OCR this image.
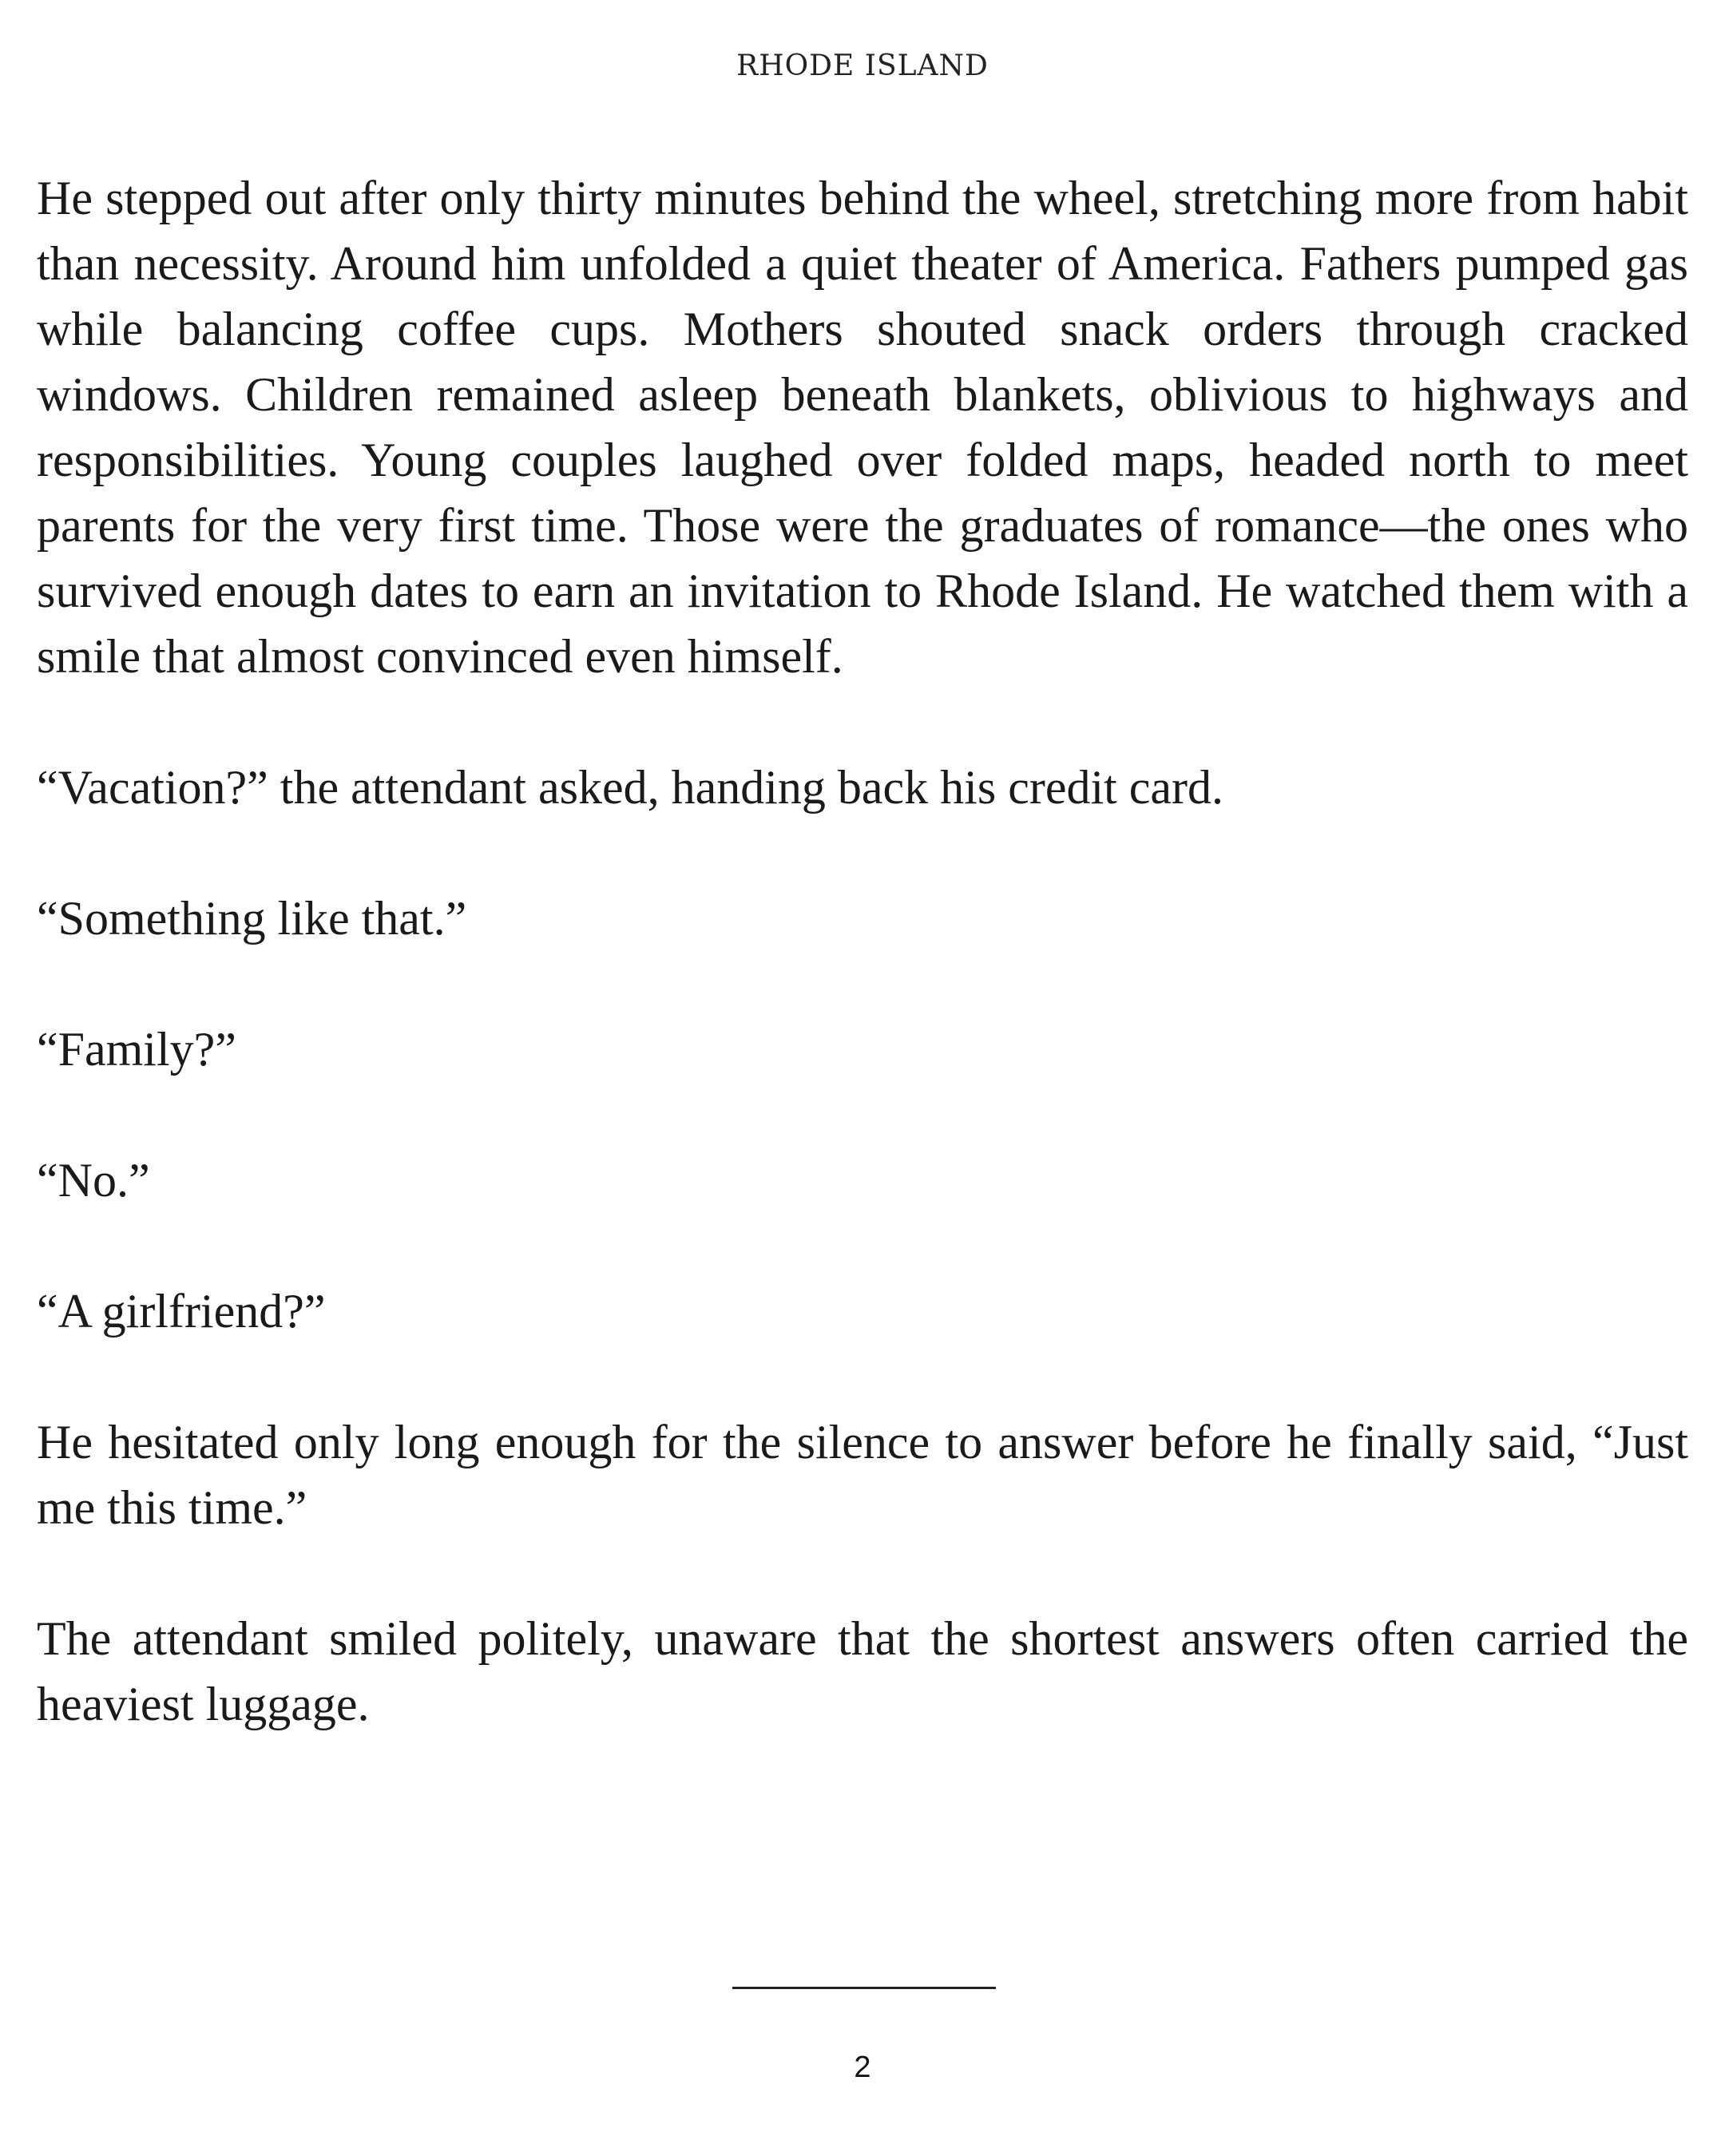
RHODE ISLAND

He stepped out after only thirty minutes behind the wheel, stretching more from habit than necessity. Around him unfolded a quiet theater of America. Fathers pumped gas while balancing coffee cups. Mothers shouted snack orders through cracked windows. Children remained asleep beneath blankets, oblivious to highways and responsibilities. Young couples laughed over folded maps, headed north to meet parents for the very first time. Those were the graduates of romance—the ones who survived enough dates to earn an invitation to Rhode Island. He watched them with a smile that almost convinced even himself.

“Vacation?” the attendant asked, handing back his credit card.

“Something like that.”

“Family?”

“No.”

“A girlfriend?”

He hesitated only long enough for the silence to answer before he finally said, “Just me this time.”

The attendant smiled politely, unaware that the shortest answers often carried the heaviest luggage.

2
